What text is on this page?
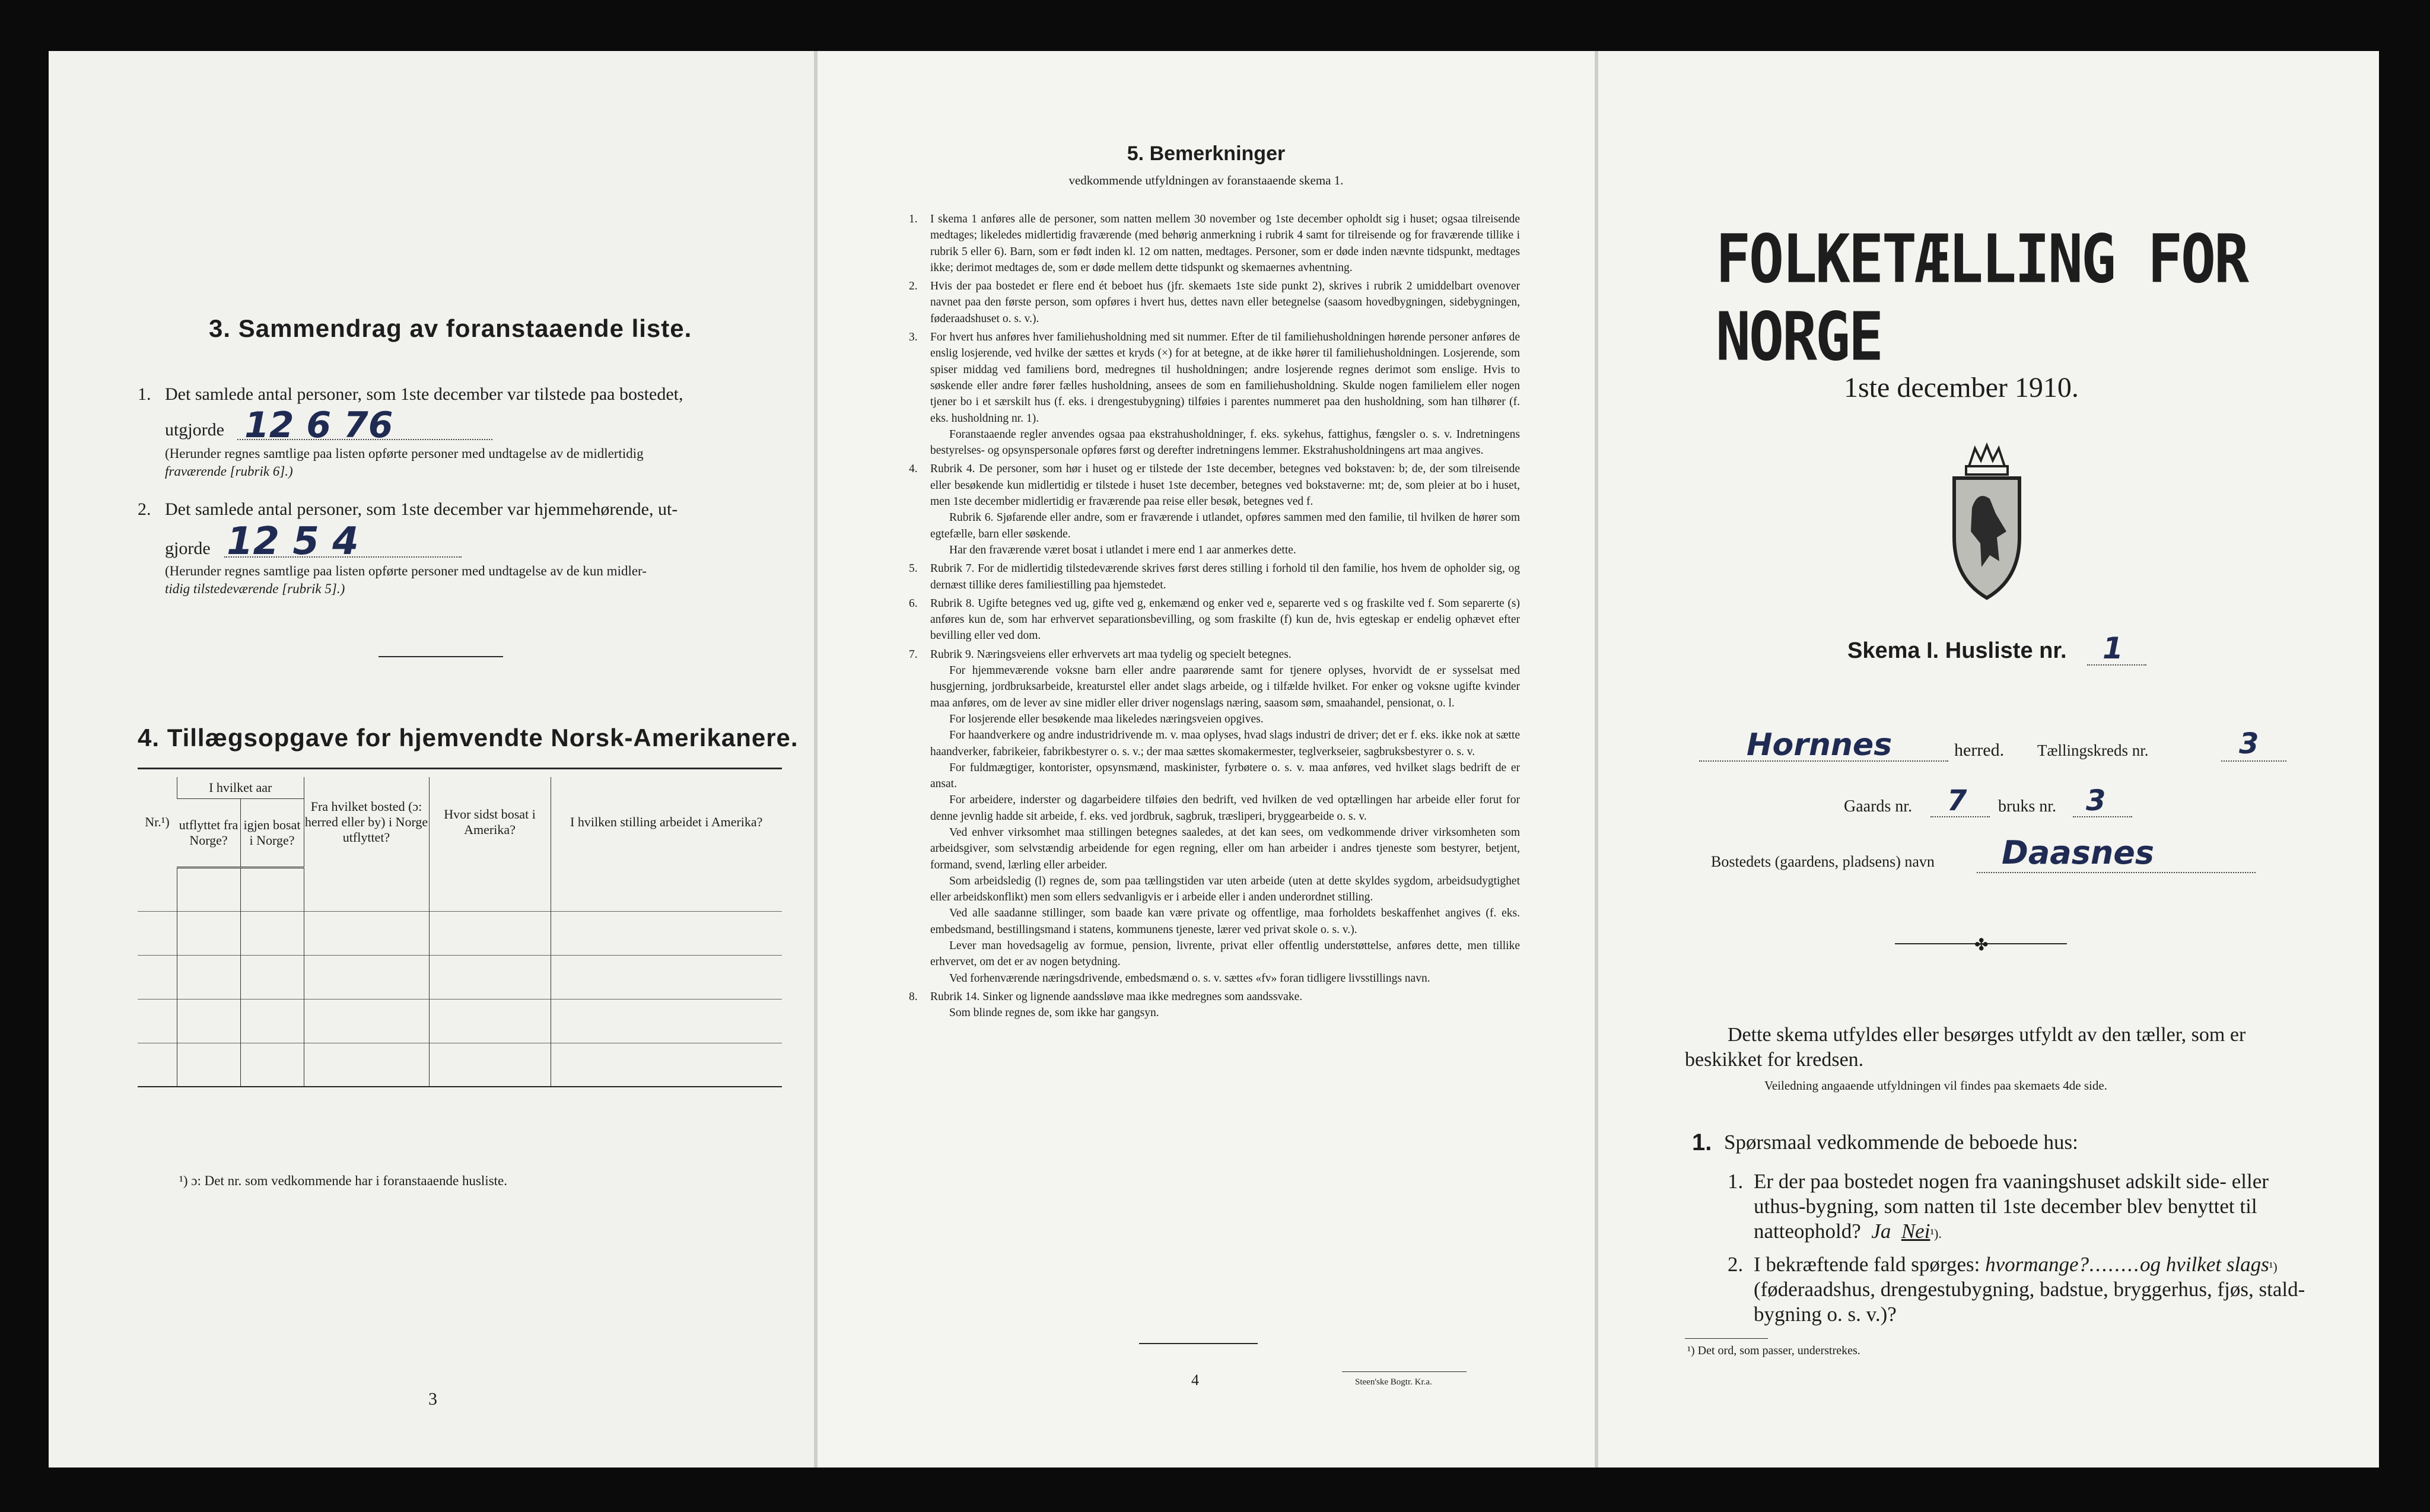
3. Sammendrag av foranstaaende liste.
1. Det samlede antal personer, som 1ste december var tilstede paa bostedet,
utgjorde 12 6 76
(Herunder regnes samtlige paa listen opførte personer med undtagelse av de midlertidig
fraværende [rubrik 6].)
2. Det samlede antal personer, som 1ste december var hjemmehørende, ut-
gjorde 12 5 4
(Herunder regnes samtlige paa listen opførte personer med undtagelse av de kun midler-
tidig tilstedeværende [rubrik 5].)
4. Tillægsopgave for hjemvendte Norsk-Amerikanere.
Nr.¹)	I hvilket aar		Fra hvilket bosted (ɔ: herred eller by) i Norge utflyttet?	Hvor sidst bosat i Amerika?	I hvilken stilling arbeidet i Amerika?
	utflyttet fra Norge?	igjen bosat i Norge?			

¹) ɔ: Det nr. som vedkommende har i foranstaaende husliste.
3
5. Bemerkninger
vedkommende utfyldningen av foranstaaende skema 1.
1. I skema 1 anføres alle de personer, som natten mellem 30 november og 1ste december opholdt sig i huset; ogsaa tilreisende medtages; likeledes midlertidig fraværende (med behørig anmerkning i rubrik 4 samt for tilreisende og for fraværende tillike i rubrik 5 eller 6). Barn, som er født inden kl. 12 om natten, medtages. Personer, som er døde inden nævnte tidspunkt, medtages ikke; derimot medtages de, som er døde mellem dette tidspunkt og skemaernes avhentning.
2. Hvis der paa bostedet er flere end ét beboet hus (jfr. skemaets 1ste side punkt 2), skrives i rubrik 2 umiddelbart ovenover navnet paa den første person, som opføres i hvert hus, dettes navn eller betegnelse (saasom hovedbygningen, sidebygningen, føderaadshuset o. s. v.).
3. For hvert hus anføres hver familiehusholdning med sit nummer. Efter de til familiehusholdningen hørende personer anføres de enslig losjerende, ved hvilke der sættes et kryds (×) for at betegne, at de ikke hører til familiehusholdningen. Losjerende, som spiser middag ved familiens bord, medregnes til husholdningen; andre losjerende regnes derimot som enslige. Hvis to søskende eller andre fører fælles husholdning, ansees de som en familiehusholdning. Skulde nogen familielem eller nogen tjener bo i et særskilt hus (f. eks. i drengestubygning) tilføies i parentes nummeret paa den husholdning, som han tilhører (f. eks. husholdning nr. 1).

Foranstaaende regler anvendes ogsaa paa ekstrahusholdninger, f. eks. sykehus, fattighus, fængsler o. s. v. Indretningens bestyrelses- og opsynspersonale opføres først og derefter indretningens lemmer. Ekstrahusholdningens art maa angives.

4. Rubrik 4. De personer, som hør i huset og er tilstede der 1ste december, betegnes ved bokstaven: b; de, der som tilreisende eller besøkende kun midlertidig er tilstede i huset 1ste december, betegnes ved bokstaverne: mt; de, som pleier at bo i huset, men 1ste december midlertidig er fraværende paa reise eller besøk, betegnes ved f.

Rubrik 6. Sjøfarende eller andre, som er fraværende i utlandet, opføres sammen med den familie, til hvilken de hører som egtefælle, barn eller søskende.

Har den fraværende været bosat i utlandet i mere end 1 aar anmerkes dette.

5. Rubrik 7. For de midlertidig tilstedeværende skrives først deres stilling i forhold til den familie, hos hvem de opholder sig, og dernæst tillike deres familiestilling paa hjemstedet.
6. Rubrik 8. Ugifte betegnes ved ug, gifte ved g, enkemænd og enker ved e, separerte ved s og fraskilte ved f. Som separerte (s) anføres kun de, som har erhvervet separationsbevilling, og som fraskilte (f) kun de, hvis egteskap er endelig ophævet efter bevilling eller ved dom.
7. Rubrik 9. Næringsveiens eller erhvervets art maa tydelig og specielt betegnes.

For hjemmeværende voksne barn eller andre paarørende samt for tjenere oplyses, hvorvidt de er sysselsat med husgjerning, jordbruksarbeide, kreaturstel eller andet slags arbeide, og i tilfælde hvilket. For enker og voksne ugifte kvinder maa anføres, om de lever av sine midler eller driver nogenslags næring, saasom søm, smaahandel, pensionat, o. l.

For losjerende eller besøkende maa likeledes næringsveien opgives.

For haandverkere og andre industridrivende m. v. maa oplyses, hvad slags industri de driver; det er f. eks. ikke nok at sætte haandverker, fabrikeier, fabrikbestyrer o. s. v.; der maa sættes skomakermester, teglverkseier, sagbruksbestyrer o. s. v.

For fuldmægtiger, kontorister, opsynsmænd, maskinister, fyrbøtere o. s. v. maa anføres, ved hvilket slags bedrift de er ansat.

For arbeidere, inderster og dagarbeidere tilføies den bedrift, ved hvilken de ved optællingen har arbeide eller forut for denne jevnlig hadde sit arbeide, f. eks. ved jordbruk, sagbruk, træsliperi, bryggearbeide o. s. v.

Ved enhver virksomhet maa stillingen betegnes saaledes, at det kan sees, om vedkommende driver virksomheten som arbeidsgiver, som selvstændig arbeidende for egen regning, eller om han arbeider i andres tjeneste som bestyrer, betjent, formand, svend, lærling eller arbeider.

Som arbeidsledig (l) regnes de, som paa tællingstiden var uten arbeide (uten at dette skyldes sygdom, arbeidsudygtighet eller arbeidskonflikt) men som ellers sedvanligvis er i arbeide eller i anden underordnet stilling.

Ved alle saadanne stillinger, som baade kan være private og offentlige, maa forholdets beskaffenhet angives (f. eks. embedsmand, bestillingsmand i statens, kommunens tjeneste, lærer ved privat skole o. s. v.).

Lever man hovedsagelig av formue, pension, livrente, privat eller offentlig understøttelse, anføres dette, men tillike erhvervet, om det er av nogen betydning.

Ved forhenværende næringsdrivende, embedsmænd o. s. v. sættes «fv» foran tidligere livsstillings navn.

8. Rubrik 14. Sinker og lignende aandssløve maa ikke medregnes som aandssvake.

Som blinde regnes de, som ikke har gangsyn.

4	Steen'ske Bogtr. Kr.a.
FOLKETÆLLING FOR NORGE
1ste december 1910.
Skema I. Husliste nr. 1
Hornnes	herred. Tællingskreds nr.	3
Gaards nr. 7 bruks nr. 3
Bostedets (gaardens, pladsens) navn Daasnes
✤
Dette skema utfyldes eller besørges utfyldt av den tæller, som er
beskikket for kredsen.
Veiledning angaaende utfyldningen vil findes paa skemaets 4de side.
1. Spørsmaal vedkommende de beboede hus:
1. Er der paa bostedet nogen fra vaaningshuset adskilt side- eller
uthus-bygning, som natten til 1ste december blev benyttet til
natteophold? Ja Nei¹).
2. I bekræftende fald spørges: hvormange?........og hvilket slags¹)
(føderaadshus, drengestubygning, badstue, bryggerhus, fjøs, stald-
bygning o. s. v.)?
¹) Det ord, som passer, understrekes.
